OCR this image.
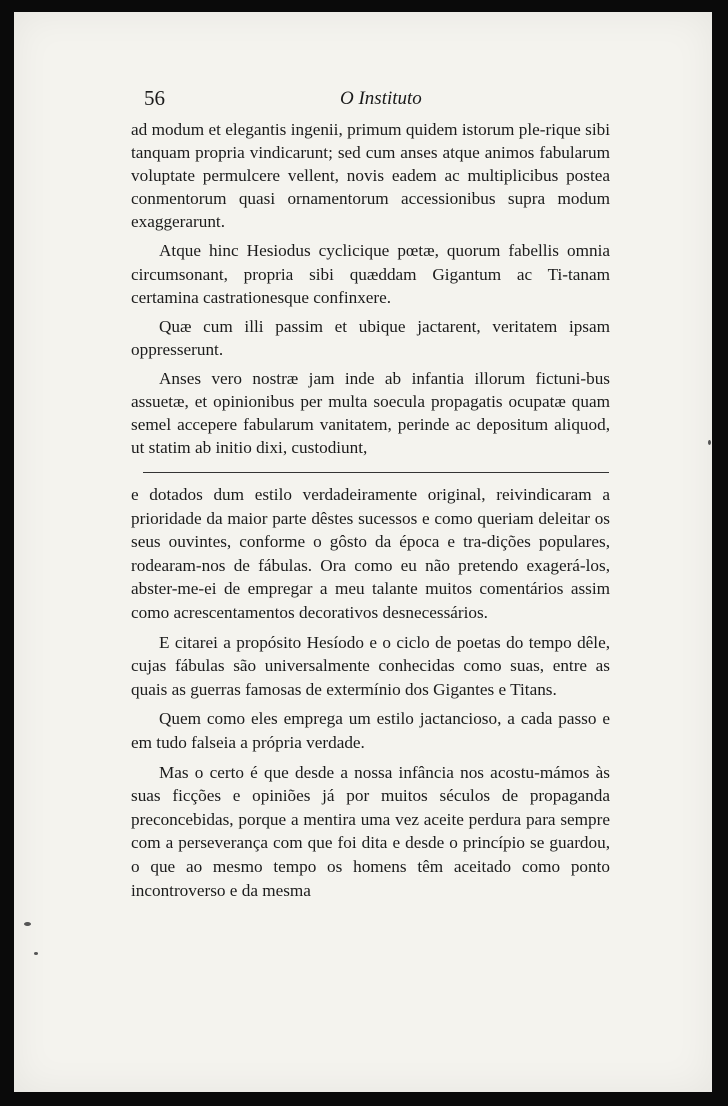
56	O Instituto

ad modum et elegantis ingenii, primum quidem istorum ple-rique sibi tanquam propria vindicarunt; sed cum anses atque animos fabularum voluptate permulcere vellent, novis eadem ac multiplicibus postea conmentorum quasi ornamentorum accessionibus supra modum exaggerarunt.

Atque hinc Hesiodus cyclicique pœtæ, quorum fabellis omnia circumsonant, propria sibi quæddam Gigantum ac Ti-tanam certamina castrationesque confinxere.

Quæ cum illi passim et ubique jactarent, veritatem ipsam oppresserunt.

Anses vero nostræ jam inde ab infantia illorum fictuni-bus assuetæ, et opinionibus per multa soecula propagatis ocupatæ quam semel accepere fabularum vanitatem, perinde ac depositum aliquod, ut statim ab initio dixi, custodiunt,

e dotados dum estilo verdadeiramente original, reivindicaram a prioridade da maior parte dêstes sucessos e como queriam deleitar os seus ouvintes, conforme o gôsto da época e tra-dições populares, rodearam-nos de fábulas. Ora como eu não pretendo exagerá-los, abster-me-ei de empregar a meu talante muitos comentários assim como acrescentamentos decorativos desnecessários.

E citarei a propósito Hesíodo e o ciclo de poetas do tempo dêle, cujas fábulas são universalmente conhecidas como suas, entre as quais as guerras famosas de extermínio dos Gigantes e Titans.

Quem como eles emprega um estilo jactancioso, a cada passo e em tudo falseia a própria verdade.

Mas o certo é que desde a nossa infância nos acostu-mámos às suas ficções e opiniões já por muitos séculos de propaganda preconcebidas, porque a mentira uma vez aceite perdura para sempre com a perseverança com que foi dita e desde o princípio se guardou, o que ao mesmo tempo os homens têm aceitado como ponto incontroverso e da mesma
